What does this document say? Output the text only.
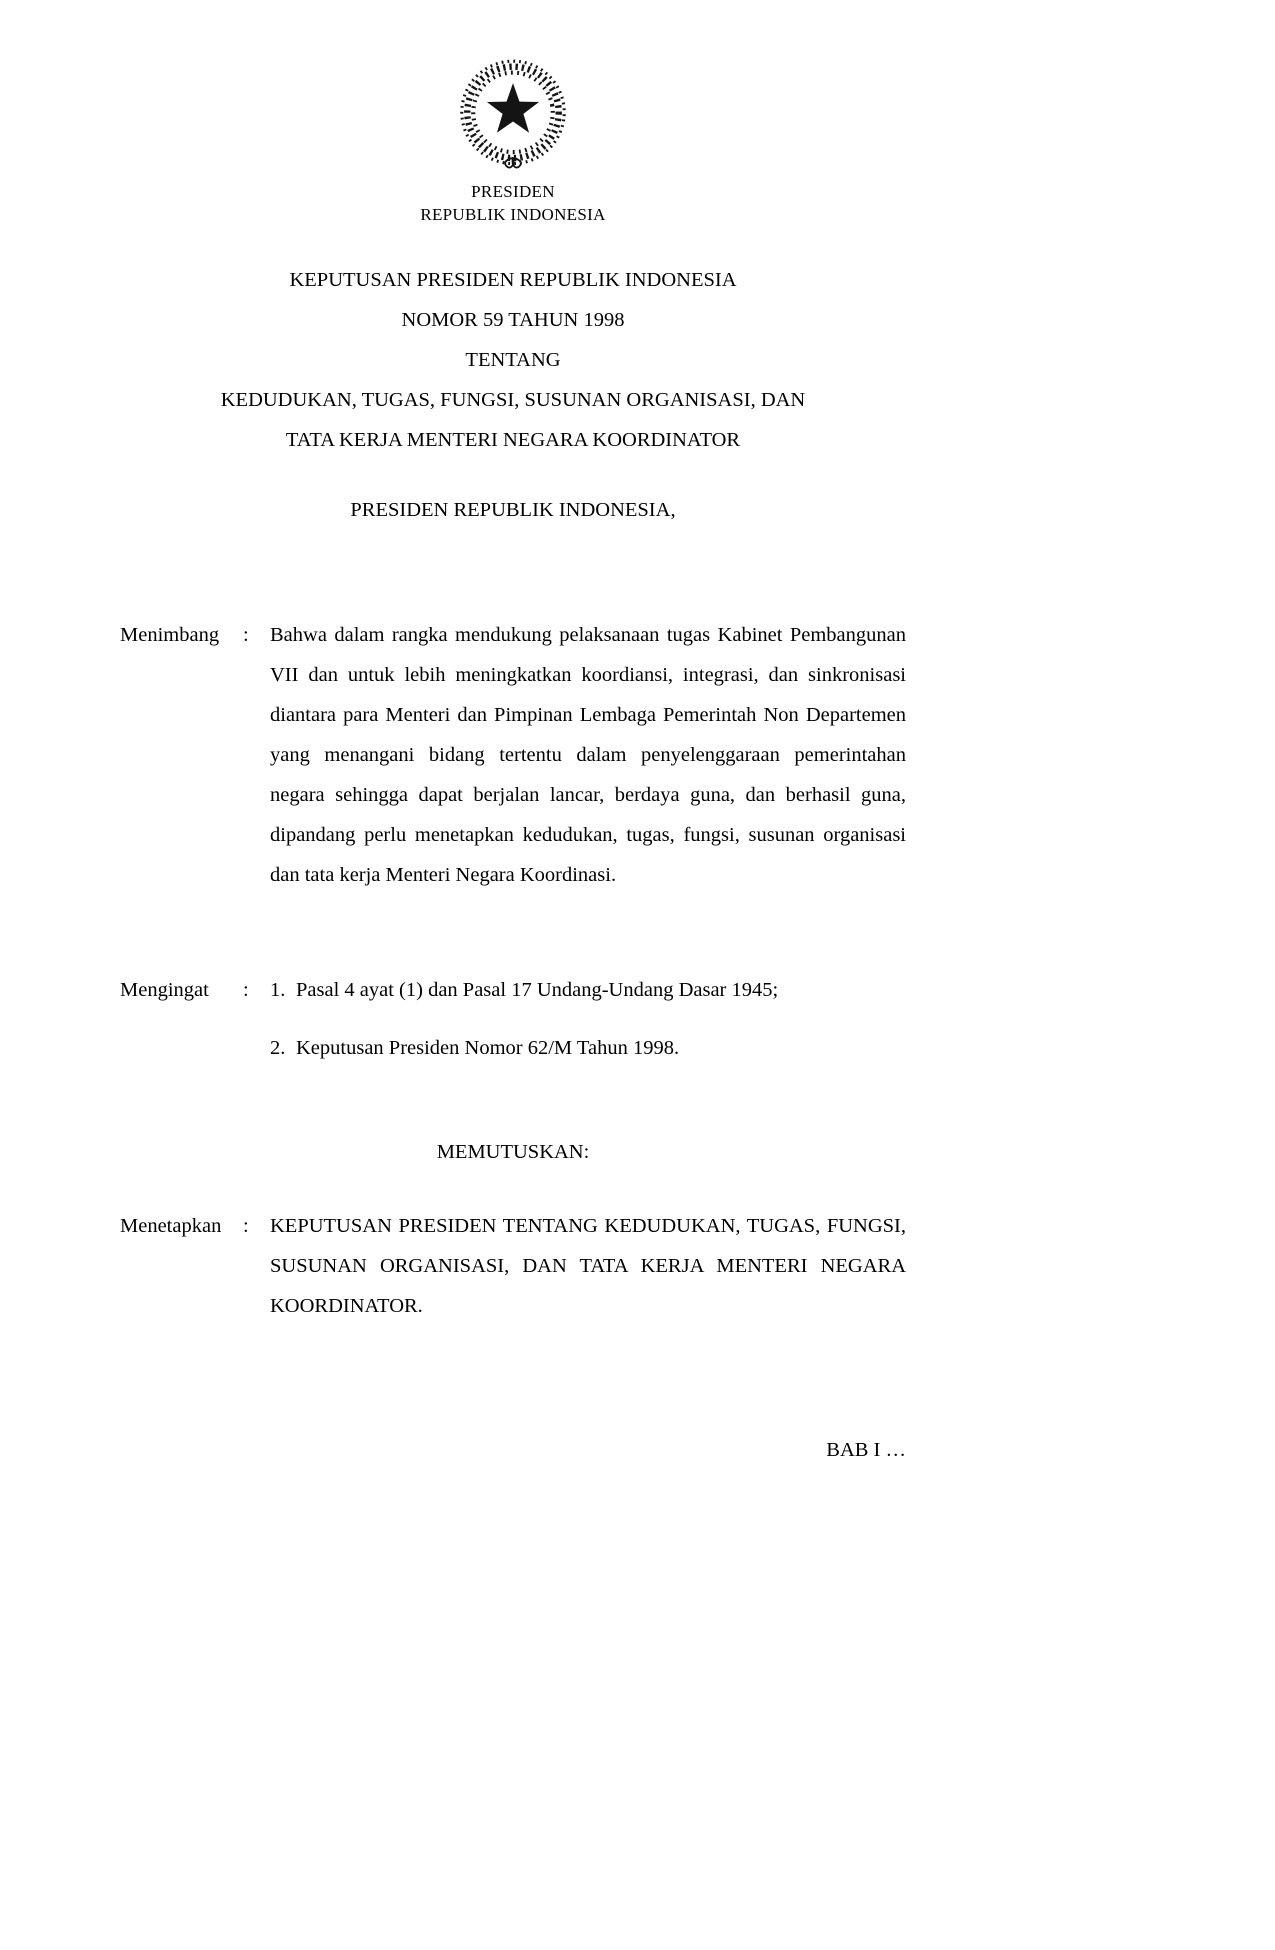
PRESIDEN
REPUBLIK INDONESIA
KEPUTUSAN PRESIDEN REPUBLIK INDONESIA
NOMOR 59 TAHUN 1998
TENTANG
KEDUDUKAN, TUGAS, FUNGSI, SUSUNAN ORGANISASI, DAN
TATA KERJA MENTERI NEGARA KOORDINATOR
PRESIDEN REPUBLIK INDONESIA,
Menimbang	:	Bahwa dalam rangka mendukung pelaksanaan tugas Kabinet Pembangunan VII dan untuk lebih meningkatkan koordiansi, integrasi, dan sinkronisasi diantara para Menteri dan Pimpinan Lembaga Pemerintah Non Departemen yang menangani bidang tertentu dalam penyelenggaraan pemerintahan negara sehingga dapat berjalan lancar, berdaya guna, dan berhasil guna, dipandang perlu menetapkan kedudukan, tugas, fungsi, susunan organisasi dan tata kerja Menteri Negara Koordinasi.
Mengingat	:	1. Pasal 4 ayat (1) dan Pasal 17 Undang-Undang Dasar 1945;
2. Keputusan Presiden Nomor 62/M Tahun 1998.
MEMUTUSKAN:
Menetapkan	:	KEPUTUSAN PRESIDEN TENTANG KEDUDUKAN, TUGAS, FUNGSI, SUSUNAN ORGANISASI, DAN TATA KERJA MENTERI NEGARA KOORDINATOR.
BAB I …
